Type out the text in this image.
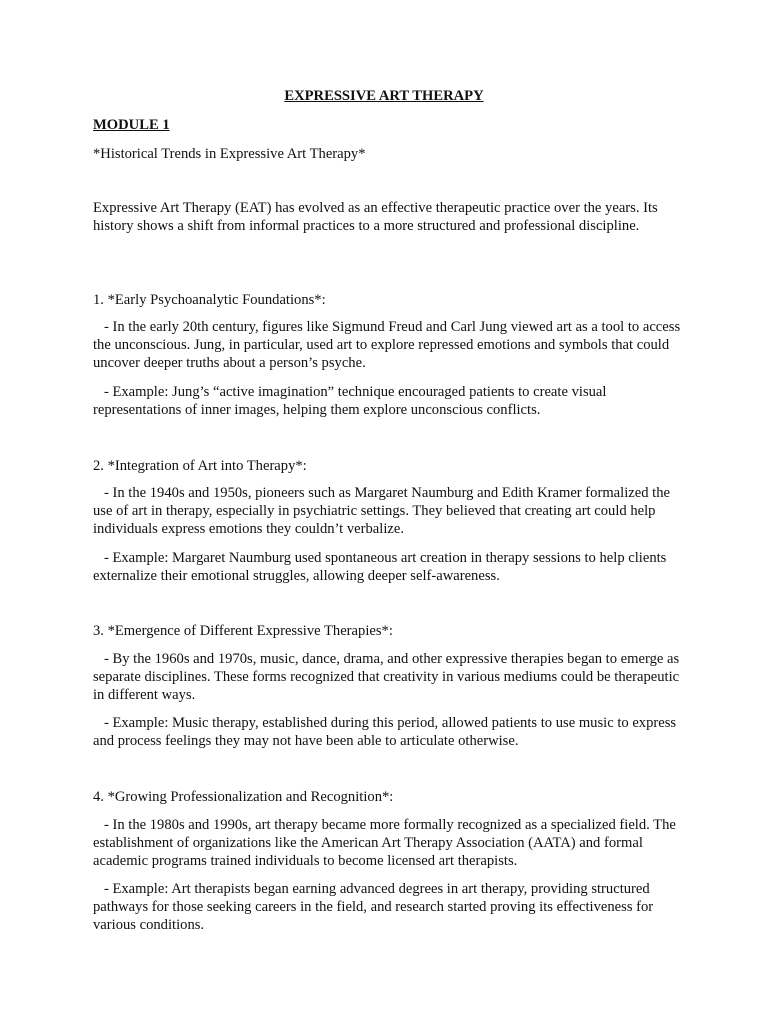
EXPRESSIVE ART THERAPY

MODULE 1

*Historical Trends in Expressive Art Therapy*

Expressive Art Therapy (EAT) has evolved as an effective therapeutic practice over the years. Its history shows a shift from informal practices to a more structured and professional discipline.

1. *Early Psychoanalytic Foundations*:

- In the early 20th century, figures like Sigmund Freud and Carl Jung viewed art as a tool to access the unconscious. Jung, in particular, used art to explore repressed emotions and symbols that could uncover deeper truths about a person’s psyche.

- Example: Jung’s “active imagination” technique encouraged patients to create visual representations of inner images, helping them explore unconscious conflicts.

2. *Integration of Art into Therapy*:

- In the 1940s and 1950s, pioneers such as Margaret Naumburg and Edith Kramer formalized the use of art in therapy, especially in psychiatric settings. They believed that creating art could help individuals express emotions they couldn’t verbalize.

- Example: Margaret Naumburg used spontaneous art creation in therapy sessions to help clients externalize their emotional struggles, allowing deeper self-awareness.

3. *Emergence of Different Expressive Therapies*:

- By the 1960s and 1970s, music, dance, drama, and other expressive therapies began to emerge as separate disciplines. These forms recognized that creativity in various mediums could be therapeutic in different ways.

- Example: Music therapy, established during this period, allowed patients to use music to express and process feelings they may not have been able to articulate otherwise.

4. *Growing Professionalization and Recognition*:

- In the 1980s and 1990s, art therapy became more formally recognized as a specialized field. The establishment of organizations like the American Art Therapy Association (AATA) and formal academic programs trained individuals to become licensed art therapists.

- Example: Art therapists began earning advanced degrees in art therapy, providing structured pathways for those seeking careers in the field, and research started proving its effectiveness for various conditions.
